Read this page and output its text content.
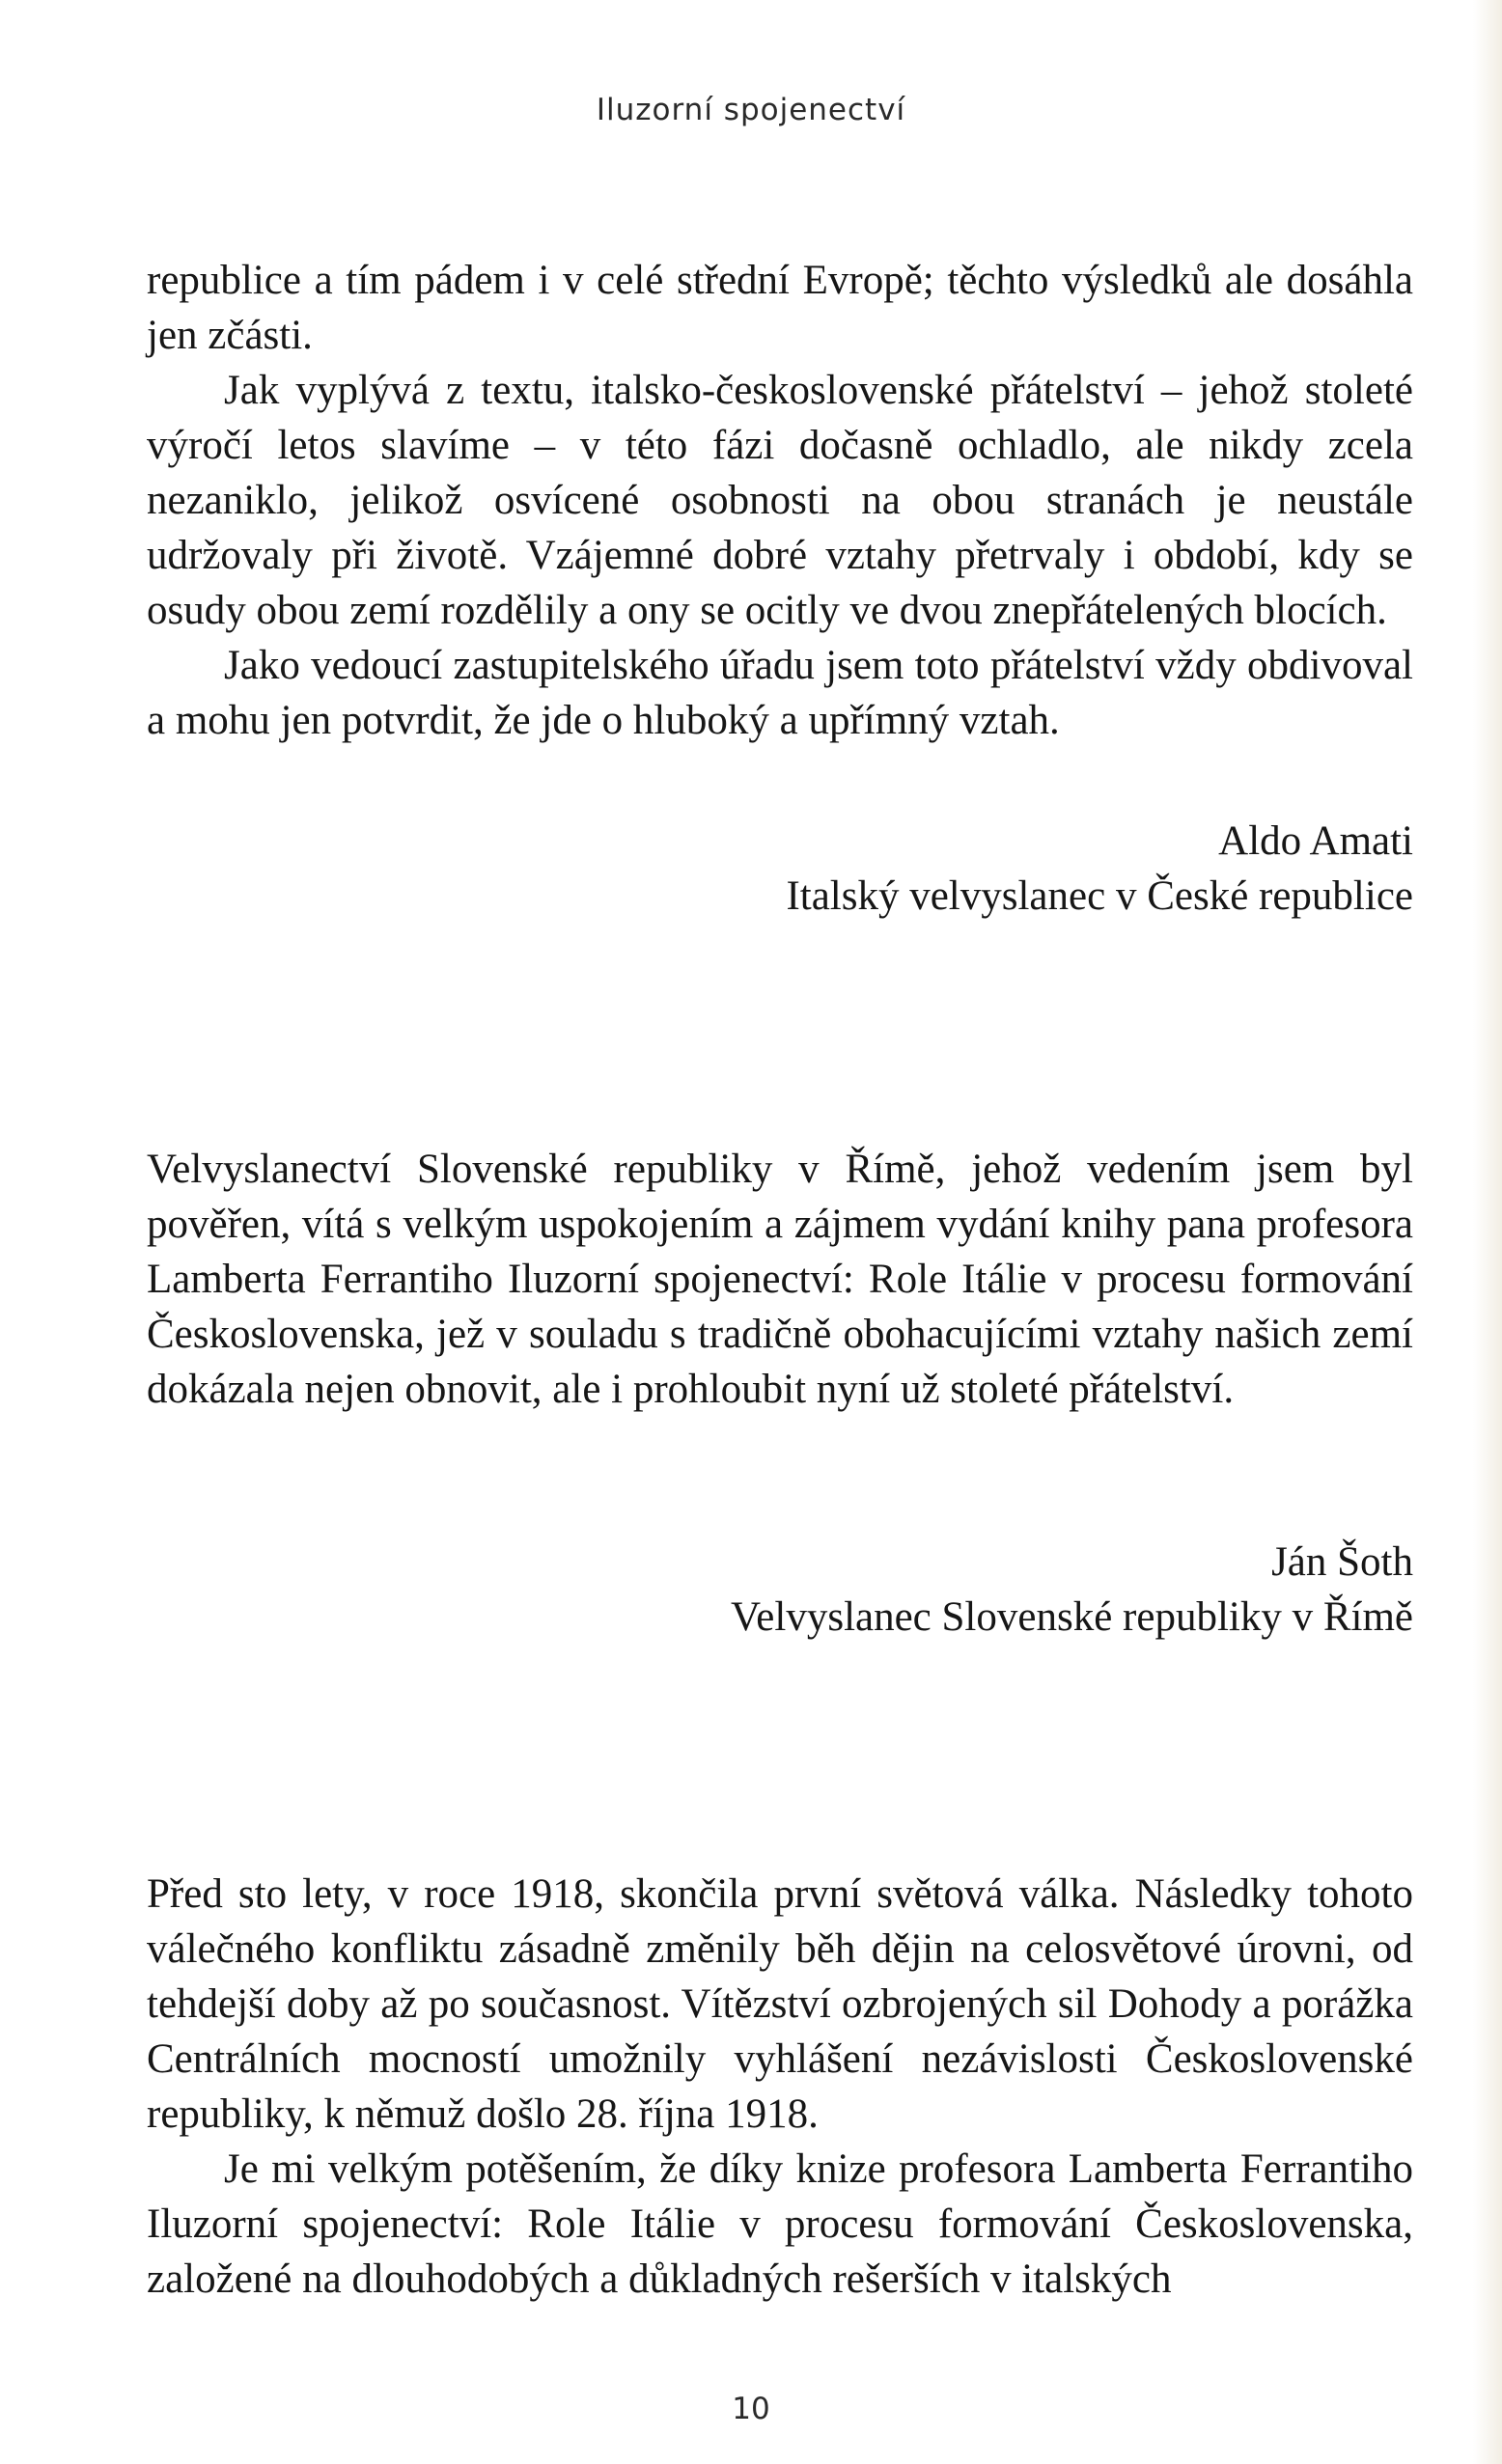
Iluzorní spojenectví

republice a tím pádem i v celé střední Evropě; těchto výsledků ale dosáhla jen zčásti.

Jak vyplývá z textu, italsko-československé přátelství – jehož stoleté výročí letos slavíme – v této fázi dočasně ochladlo, ale nikdy zcela nezaniklo, jelikož osvícené osobnosti na obou stranách je neustále udržovaly při životě. Vzájemné dobré vztahy přetrvaly i období, kdy se osudy obou zemí rozdělily a ony se ocitly ve dvou znepřátelených blocích.

Jako vedoucí zastupitelského úřadu jsem toto přátelství vždy obdivoval a mohu jen potvrdit, že jde o hluboký a upřímný vztah.

Aldo Amati
Italský velvyslanec v České republice

Velvyslanectví Slovenské republiky v Římě, jehož vedením jsem byl pověřen, vítá s velkým uspokojením a zájmem vydání knihy pana profesora Lamberta Ferrantiho Iluzorní spojenectví: Role Itálie v procesu formování Československa, jež v souladu s tradičně obohacujícími vztahy našich zemí dokázala nejen obnovit, ale i prohloubit nyní už stoleté přátelství.

Ján Šoth
Velvyslanec Slovenské republiky v Římě

Před sto lety, v roce 1918, skončila první světová válka. Následky tohoto válečného konfliktu zásadně změnily běh dějin na celosvětové úrovni, od tehdejší doby až po současnost. Vítězství ozbrojených sil Dohody a porážka Centrálních mocností umožnily vyhlášení nezávislosti Československé republiky, k němuž došlo 28. října 1918.

Je mi velkým potěšením, že díky knize profesora Lamberta Ferrantiho Iluzorní spojenectví: Role Itálie v procesu formování Československa, založené na dlouhodobých a důkladných rešerších v italských

10
